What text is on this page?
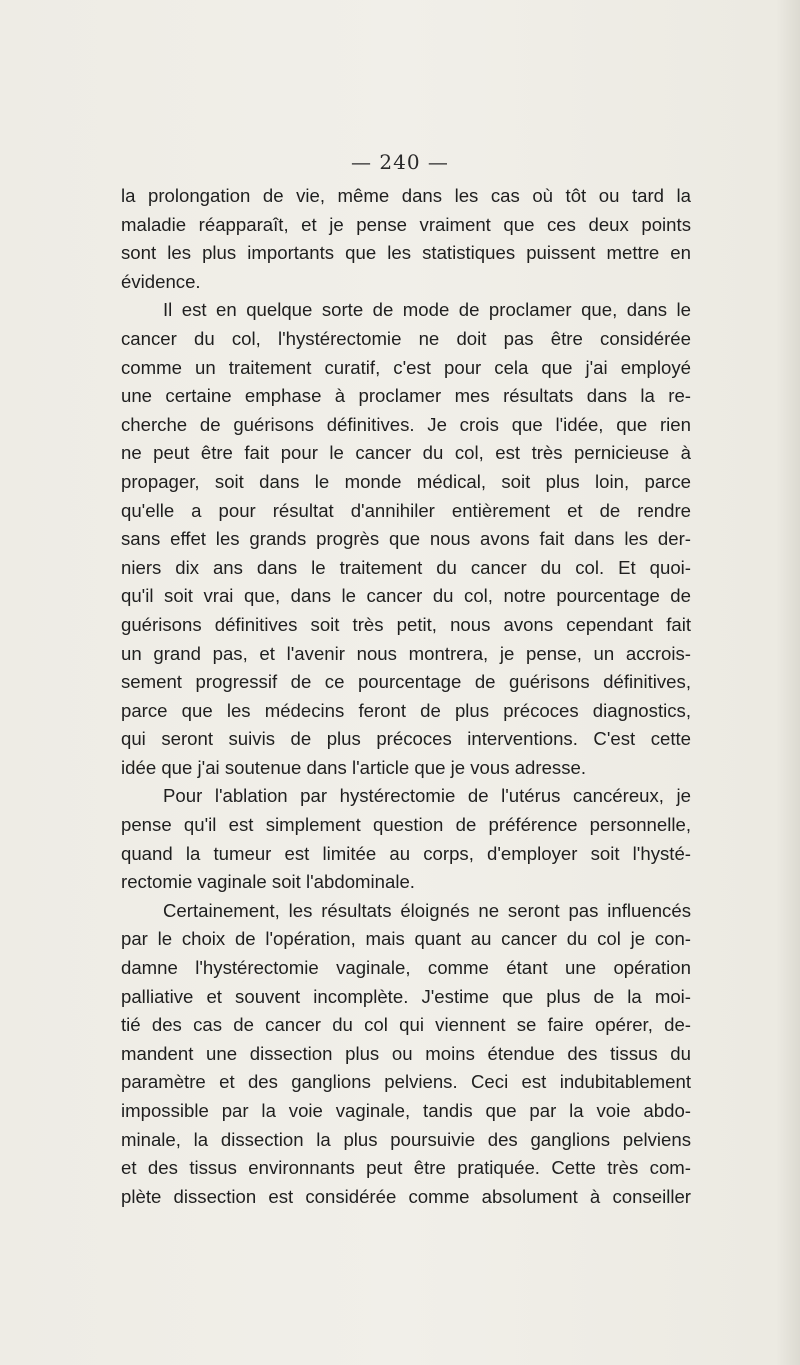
— 240 —
la prolongation de vie, même dans les cas où tôt ou tard la
maladie réapparaît, et je pense vraiment que ces deux points
sont les plus importants que les statistiques puissent mettre en
évidence.
Il est en quelque sorte de mode de proclamer que, dans le
cancer du col, l'hystérectomie ne doit pas être considérée
comme un traitement curatif, c'est pour cela que j'ai employé
une certaine emphase à proclamer mes résultats dans la re-
cherche de guérisons définitives. Je crois que l'idée, que rien
ne peut être fait pour le cancer du col, est très pernicieuse à
propager, soit dans le monde médical, soit plus loin, parce
qu'elle a pour résultat d'annihiler entièrement et de rendre
sans effet les grands progrès que nous avons fait dans les der-
niers dix ans dans le traitement du cancer du col. Et quoi-
qu'il soit vrai que, dans le cancer du col, notre pourcentage de
guérisons définitives soit très petit, nous avons cependant fait
un grand pas, et l'avenir nous montrera, je pense, un accrois-
sement progressif de ce pourcentage de guérisons définitives,
parce que les médecins feront de plus précoces diagnostics,
qui seront suivis de plus précoces interventions. C'est cette
idée que j'ai soutenue dans l'article que je vous adresse.
Pour l'ablation par hystérectomie de l'utérus cancéreux, je
pense qu'il est simplement question de préférence personnelle,
quand la tumeur est limitée au corps, d'employer soit l'hysté-
rectomie vaginale soit l'abdominale.
Certainement, les résultats éloignés ne seront pas influencés
par le choix de l'opération, mais quant au cancer du col je con-
damne l'hystérectomie vaginale, comme étant une opération
palliative et souvent incomplète. J'estime que plus de la moi-
tié des cas de cancer du col qui viennent se faire opérer, de-
mandent une dissection plus ou moins étendue des tissus du
paramètre et des ganglions pelviens. Ceci est indubitablement
impossible par la voie vaginale, tandis que par la voie abdo-
minale, la dissection la plus poursuivie des ganglions pelviens
et des tissus environnants peut être pratiquée. Cette très com-
plète dissection est considérée comme absolument à conseiller
